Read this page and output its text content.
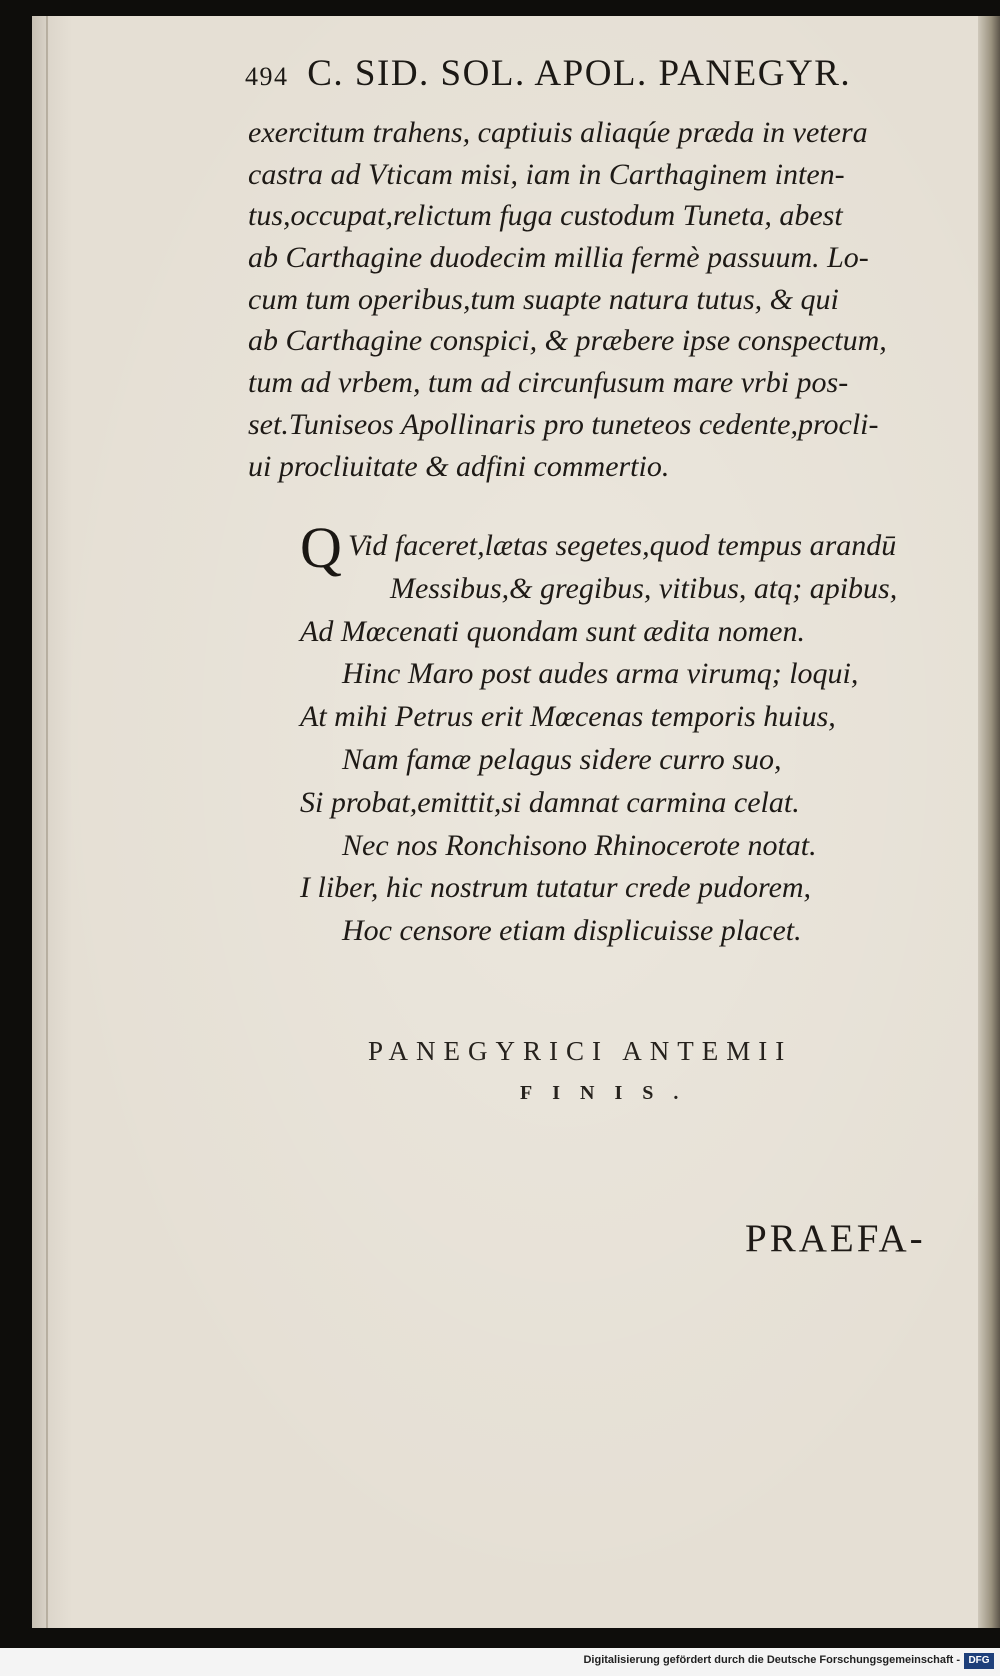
494 C. SID. SOL. APOL. PANEGYR.
exercitum trahens, captiuis aliaqúe præda in vetera
castra ad Vticam misi, iam in Carthaginem inten-
tus,occupat,relictum fuga custodum Tuneta, abest
ab Carthagine duodecim millia fermè passuum. Lo-
cum tum operibus,tum suapte natura tutus, & qui
ab Carthagine conspici, & præbere ipse conspectum,
tum ad vrbem, tum ad circunfusum mare vrbi pos-
set.Tuniseos Apollinaris pro tuneteos cedente,procli-
ui procliuitate & adfini commertio.
Q Vid faceret,lætas segetes,quod tempus arandū
Messibus,& gregibus, vitibus, atq; apibus,
Ad Mœcenati quondam sunt ædita nomen.
Hinc Maro post audes arma virumq; loqui,
At mihi Petrus erit Mœcenas temporis huius,
Nam famæ pelagus sidere curro suo,
Si probat,emittit,si damnat carmina celat.
Nec nos Ronchisono Rhinocerote notat.
I liber, hic nostrum tutatur crede pudorem,
Hoc censore etiam displicuisse placet.
PANEGYRICI ANTEMII
FINIS.
PRAEFA-
Digitalisierung gefördert durch die Deutsche Forschungsgemeinschaft - DFG
